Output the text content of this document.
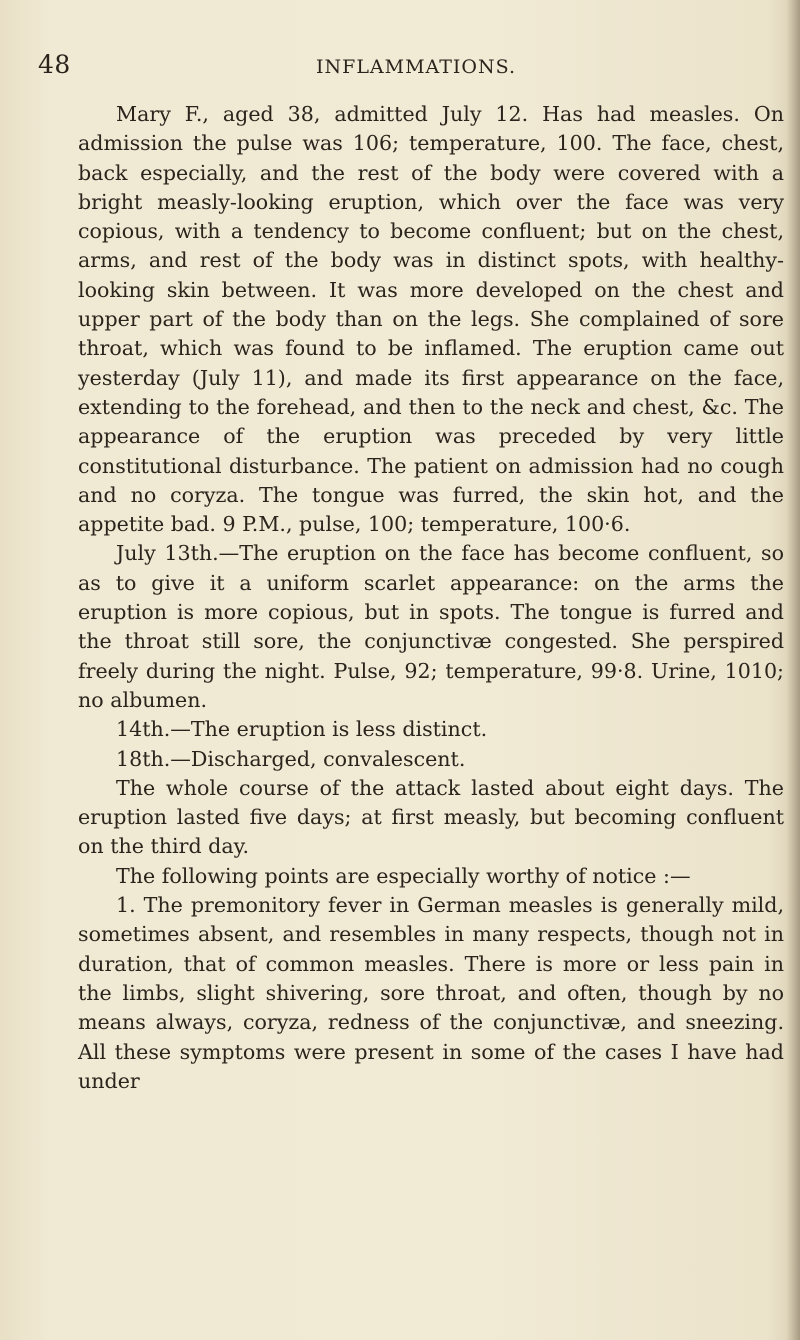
48	INFLAMMATIONS.

Mary F., aged 38, admitted July 12. Has had measles. On admission the pulse was 106; temperature, 100. The face, chest, back especially, and the rest of the body were covered with a bright measly-looking eruption, which over the face was very copious, with a tendency to become confluent; but on the chest, arms, and rest of the body was in distinct spots, with healthy-looking skin between. It was more developed on the chest and upper part of the body than on the legs. She complained of sore throat, which was found to be inflamed. The eruption came out yesterday (July 11), and made its first appearance on the face, extending to the forehead, and then to the neck and chest, &c. The appearance of the eruption was preceded by very little constitutional disturbance. The patient on admission had no cough and no coryza. The tongue was furred, the skin hot, and the appetite bad. 9 P.M., pulse, 100; temperature, 100·6.

July 13th.—The eruption on the face has become confluent, so as to give it a uniform scarlet appearance: on the arms the eruption is more copious, but in spots. The tongue is furred and the throat still sore, the conjunctivæ congested. She perspired freely during the night. Pulse, 92; temperature, 99·8. Urine, 1010; no albumen.

14th.—The eruption is less distinct.

18th.—Discharged, convalescent.

The whole course of the attack lasted about eight days. The eruption lasted five days; at first measly, but becoming confluent on the third day.

The following points are especially worthy of notice :—

1. The premonitory fever in German measles is generally mild, sometimes absent, and resembles in many respects, though not in duration, that of common measles. There is more or less pain in the limbs, slight shivering, sore throat, and often, though by no means always, coryza, redness of the conjunctivæ, and sneezing. All these symptoms were present in some of the cases I have had under
